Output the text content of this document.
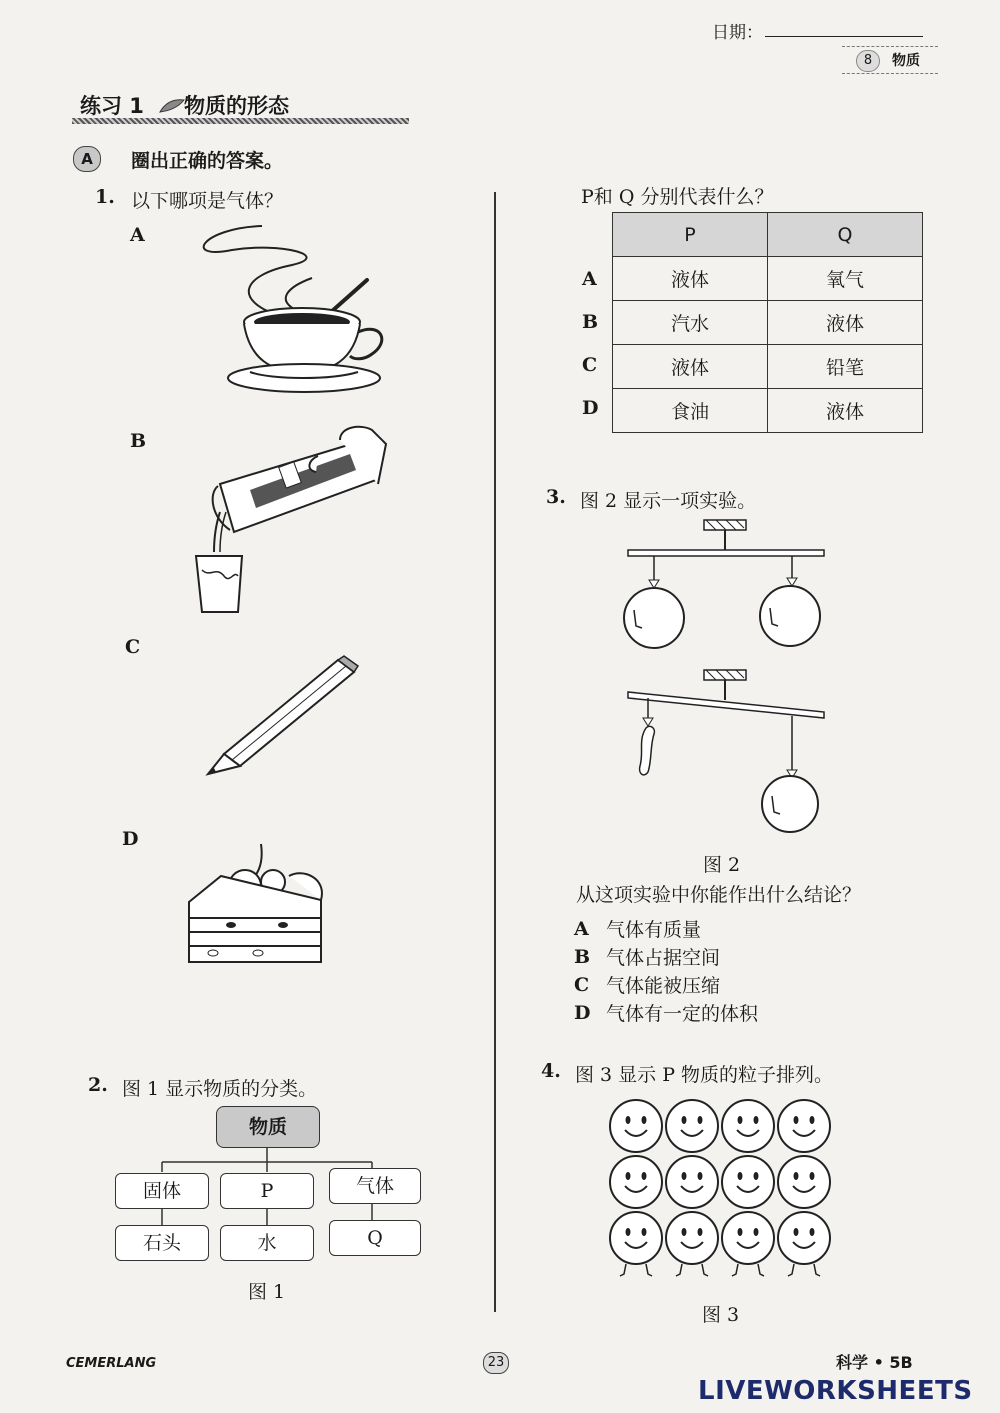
日期：
8	物质
练习 1 物质的形态
A	圈出正确的答案。
1. 以下哪项是气体？
A
B
C
D
2. 图 1 显示物质的分类。
物质
固体	P	气体
石头	水	Q
图 1
P和 Q 分别代表什么？
P	Q
液体	氧气
汽水	液体
液体	铅笔
食油	液体
A
B
C
D
3. 图 2 显示一项实验。
图 2
从这项实验中你能作出什么结论？
A 气体有质量
B 气体占据空间
C 气体能被压缩
D 气体有一定的体积
4. 图 3 显示 P 物质的粒子排列。
图 3
CEMERLANG	23	科学 • 5B
LIVEWORKSHEETS
